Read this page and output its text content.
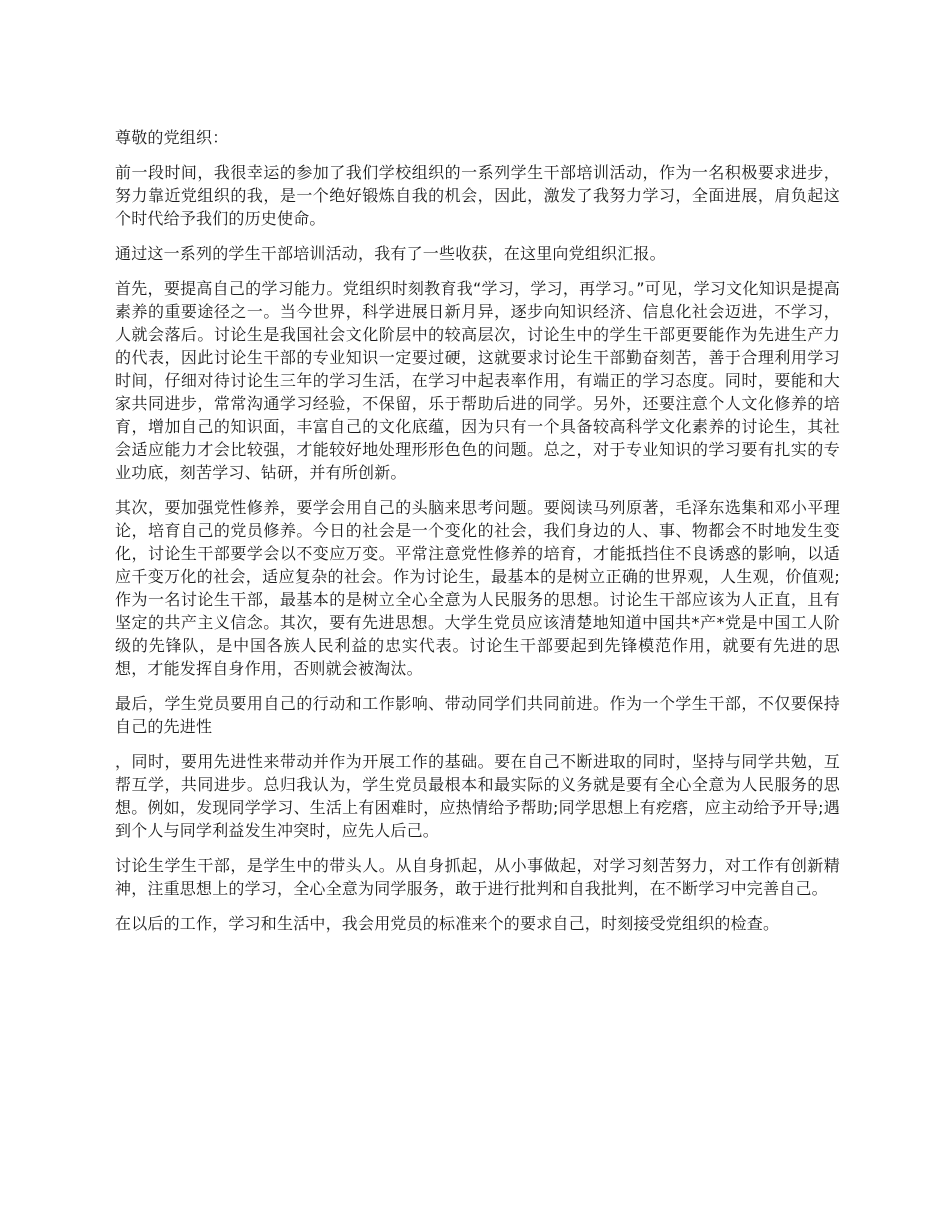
尊敬的党组织：

前一段时间，我很幸运的参加了我们学校组织的一系列学生干部培训活动，作为一名积极要求进步，努力靠近党组织的我，是一个绝好锻炼自我的机会，因此，激发了我努力学习，全面进展，肩负起这个时代给予我们的历史使命。

通过这一系列的学生干部培训活动，我有了一些收获，在这里向党组织汇报。

首先，要提高自己的学习能力。党组织时刻教育我“学习，学习，再学习。”可见，学习文化知识是提高素养的重要途径之一。当今世界，科学进展日新月异，逐步向知识经济、信息化社会迈进，不学习，人就会落后。讨论生是我国社会文化阶层中的较高层次，讨论生中的学生干部更要能作为先进生产力的代表，因此讨论生干部的专业知识一定要过硬，这就要求讨论生干部勤奋刻苦，善于合理利用学习时间，仔细对待讨论生三年的学习生活，在学习中起表率作用，有端正的学习态度。同时，要能和大家共同进步，常常沟通学习经验，不保留，乐于帮助后进的同学。另外，还要注意个人文化修养的培育，增加自己的知识面，丰富自己的文化底蕴，因为只有一个具备较高科学文化素养的讨论生，其社会适应能力才会比较强，才能较好地处理形形色色的问题。总之，对于专业知识的学习要有扎实的专业功底，刻苦学习、钻研，并有所创新。

其次，要加强党性修养，要学会用自己的头脑来思考问题。要阅读马列原著，毛泽东选集和邓小平理论，培育自己的党员修养。今日的社会是一个变化的社会，我们身边的人、事、物都会不时地发生变化，讨论生干部要学会以不变应万变。平常注意党性修养的培育，才能抵挡住不良诱惑的影响，以适应千变万化的社会，适应复杂的社会。作为讨论生，最基本的是树立正确的世界观，人生观，价值观;作为一名讨论生干部，最基本的是树立全心全意为人民服务的思想。讨论生干部应该为人正直，且有坚定的共产主义信念。其次，要有先进思想。大学生党员应该清楚地知道中国共*产*党是中国工人阶级的先锋队，是中国各族人民利益的忠实代表。讨论生干部要起到先锋模范作用，就要有先进的思想，才能发挥自身作用，否则就会被淘汰。

最后，学生党员要用自己的行动和工作影响、带动同学们共同前进。作为一个学生干部，不仅要保持自己的先进性

，同时，要用先进性来带动并作为开展工作的基础。要在自己不断进取的同时，坚持与同学共勉，互帮互学，共同进步。总归我认为，学生党员最根本和最实际的义务就是要有全心全意为人民服务的思想。例如，发现同学学习、生活上有困难时，应热情给予帮助;同学思想上有疙瘩，应主动给予开导;遇到个人与同学利益发生冲突时，应先人后己。

讨论生学生干部，是学生中的带头人。从自身抓起，从小事做起，对学习刻苦努力，对工作有创新精神，注重思想上的学习，全心全意为同学服务，敢于进行批判和自我批判，在不断学习中完善自己。

在以后的工作，学习和生活中，我会用党员的标准来个的要求自己，时刻接受党组织的检查。
